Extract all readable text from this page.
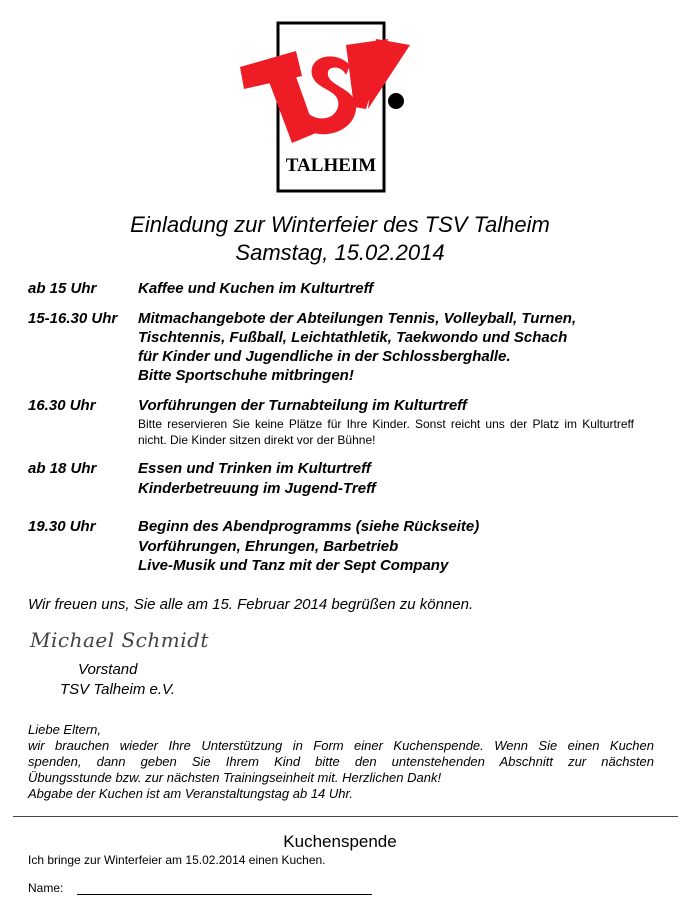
TALHEIM
Einladung zur Winterfeier des TSV Talheim
Samstag, 15.02.2014
ab 15 Uhr	Kaffee und Kuchen im Kulturtreff
15-16.30 Uhr Mitmachangebote der Abteilungen Tennis, Volleyball, Turnen,
Tischtennis, Fußball, Leichtathletik, Taekwondo und Schach
für Kinder und Jugendliche in der Schlossberghalle.
Bitte Sportschuhe mitbringen!
16.30 Uhr	Vorführungen der Turnabteilung im Kulturtreff
Bitte reservieren Sie keine Plätze für Ihre Kinder. Sonst reicht uns der Platz im Kulturtreff nicht. Die Kinder sitzen direkt vor der Bühne!
ab 18 Uhr	Essen und Trinken im Kulturtreff
Kinderbetreuung im Jugend-Treff
19.30 Uhr	Beginn des Abendprogramms (siehe Rückseite)
Vorführungen, Ehrungen, Barbetrieb
Live-Musik und Tanz mit der Sept Company
Wir freuen uns, Sie alle am 15. Februar 2014 begrüßen zu können.
Michael Schmidt
Vorstand
TSV Talheim e.V.
Liebe Eltern,
wir brauchen wieder Ihre Unterstützung in Form einer Kuchenspende. Wenn Sie einen Kuchen
spenden, dann geben Sie Ihrem Kind bitte den untenstehenden Abschnitt zur nächsten
Übungsstunde bzw. zur nächsten Trainingseinheit mit. Herzlichen Dank!
Abgabe der Kuchen ist am Veranstaltungstag ab 14 Uhr.
Kuchenspende
Ich bringe zur Winterfeier am 15.02.2014 einen Kuchen.
Name:
